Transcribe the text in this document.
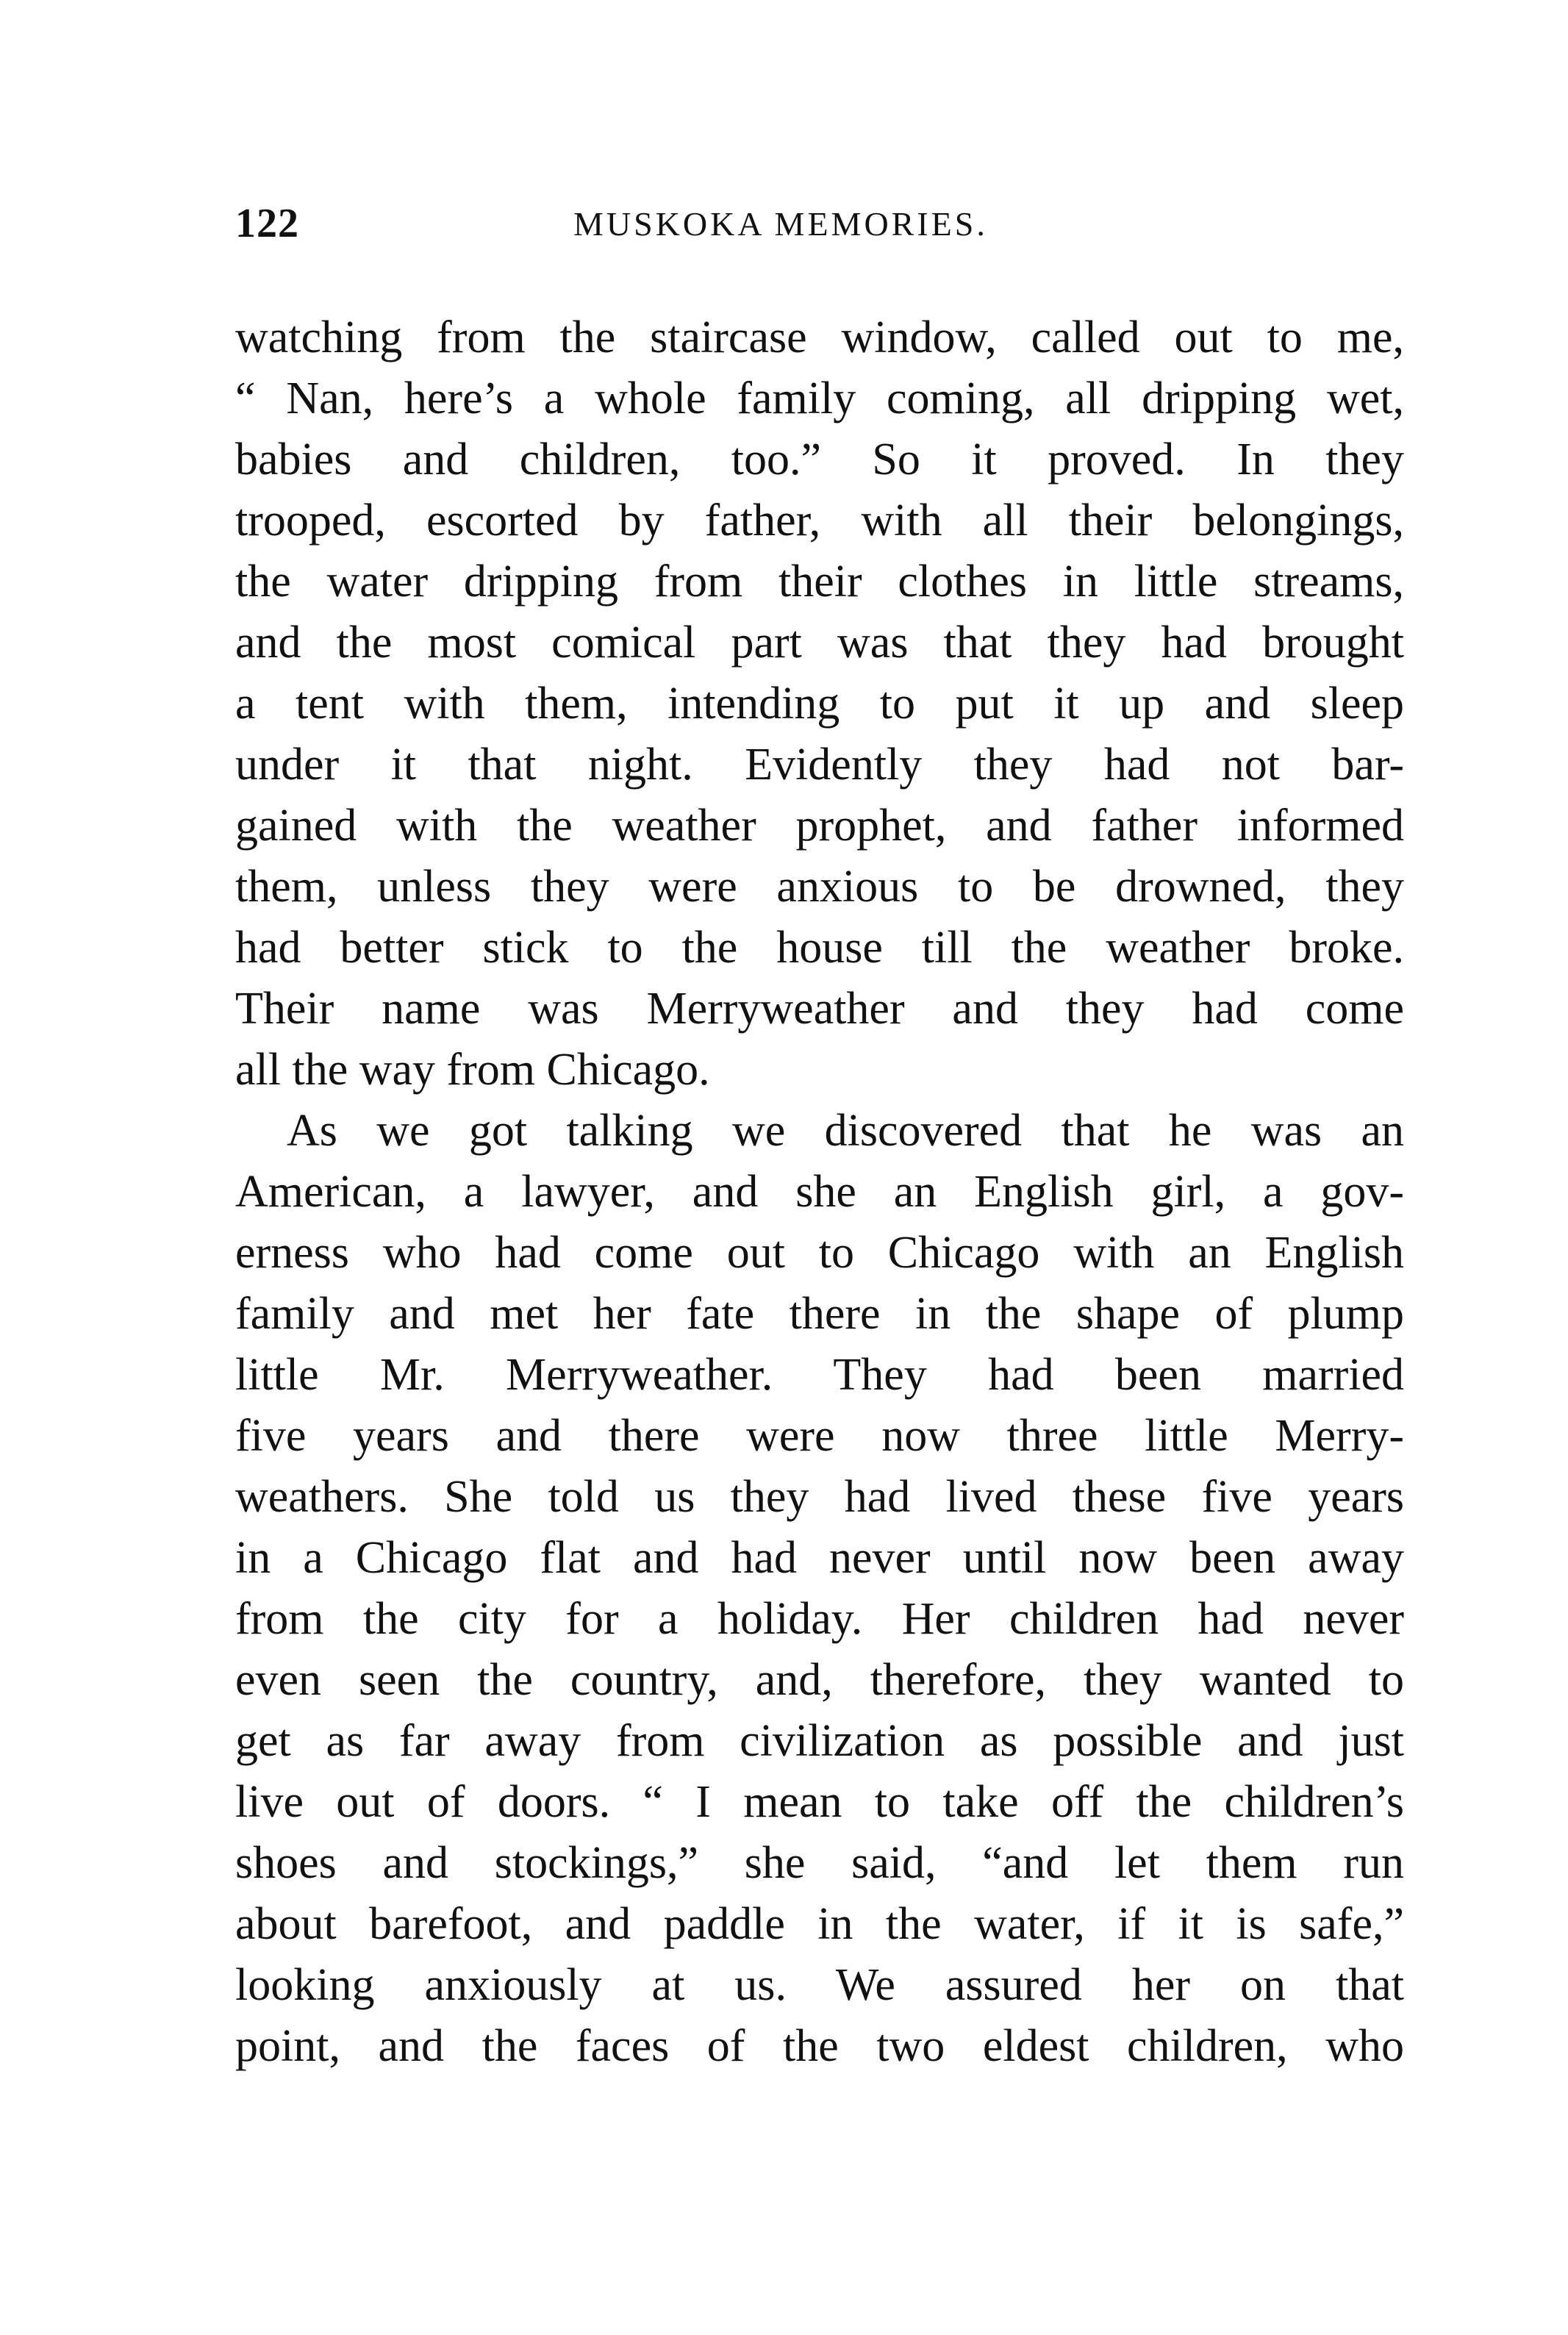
122	MUSKOKA MEMORIES.
watching from the staircase window, called out to me,
“ Nan, here’s a whole family coming, all dripping wet,
babies and children, too.” So it proved. In they
trooped, escorted by father, with all their belongings,
the water dripping from their clothes in little streams,
and the most comical part was that they had brought
a tent with them, intending to put it up and sleep
under it that night. Evidently they had not bar-
gained with the weather prophet, and father informed
them, unless they were anxious to be drowned, they
had better stick to the house till the weather broke.
Their name was Merryweather and they had come
all the way from Chicago.
As we got talking we discovered that he was an
American, a lawyer, and she an English girl, a gov-
erness who had come out to Chicago with an English
family and met her fate there in the shape of plump
little Mr. Merryweather. They had been married
five years and there were now three little Merry-
weathers. She told us they had lived these five years
in a Chicago flat and had never until now been away
from the city for a holiday. Her children had never
even seen the country, and, therefore, they wanted to
get as far away from civilization as possible and just
live out of doors. “ I mean to take off the children’s
shoes and stockings,” she said, “and let them run
about barefoot, and paddle in the water, if it is safe,”
looking anxiously at us. We assured her on that
point, and the faces of the two eldest children, who
